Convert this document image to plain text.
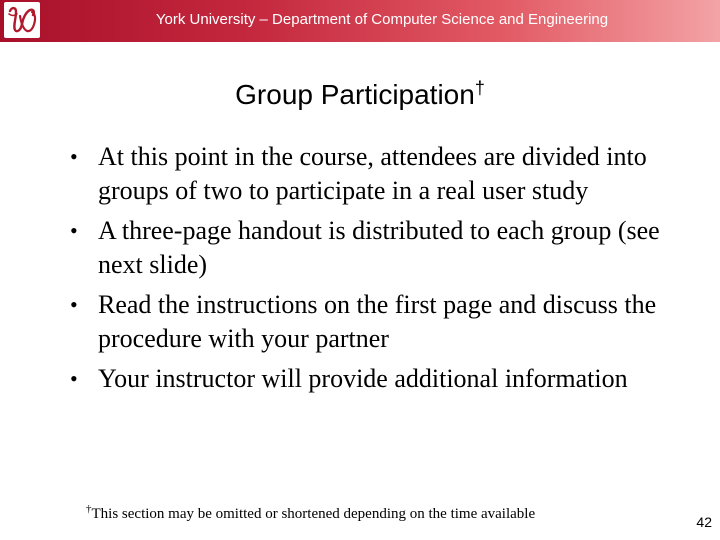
York University – Department of Computer Science and Engineering
Group Participation†
• At this point in the course, attendees are divided into groups of two to participate in a real user study
• A three-page handout is distributed to each group (see next slide)
• Read the instructions on the first page and discuss the procedure with your partner
• Your instructor will provide additional information
†This section may be omitted or shortened depending on the time available	42
